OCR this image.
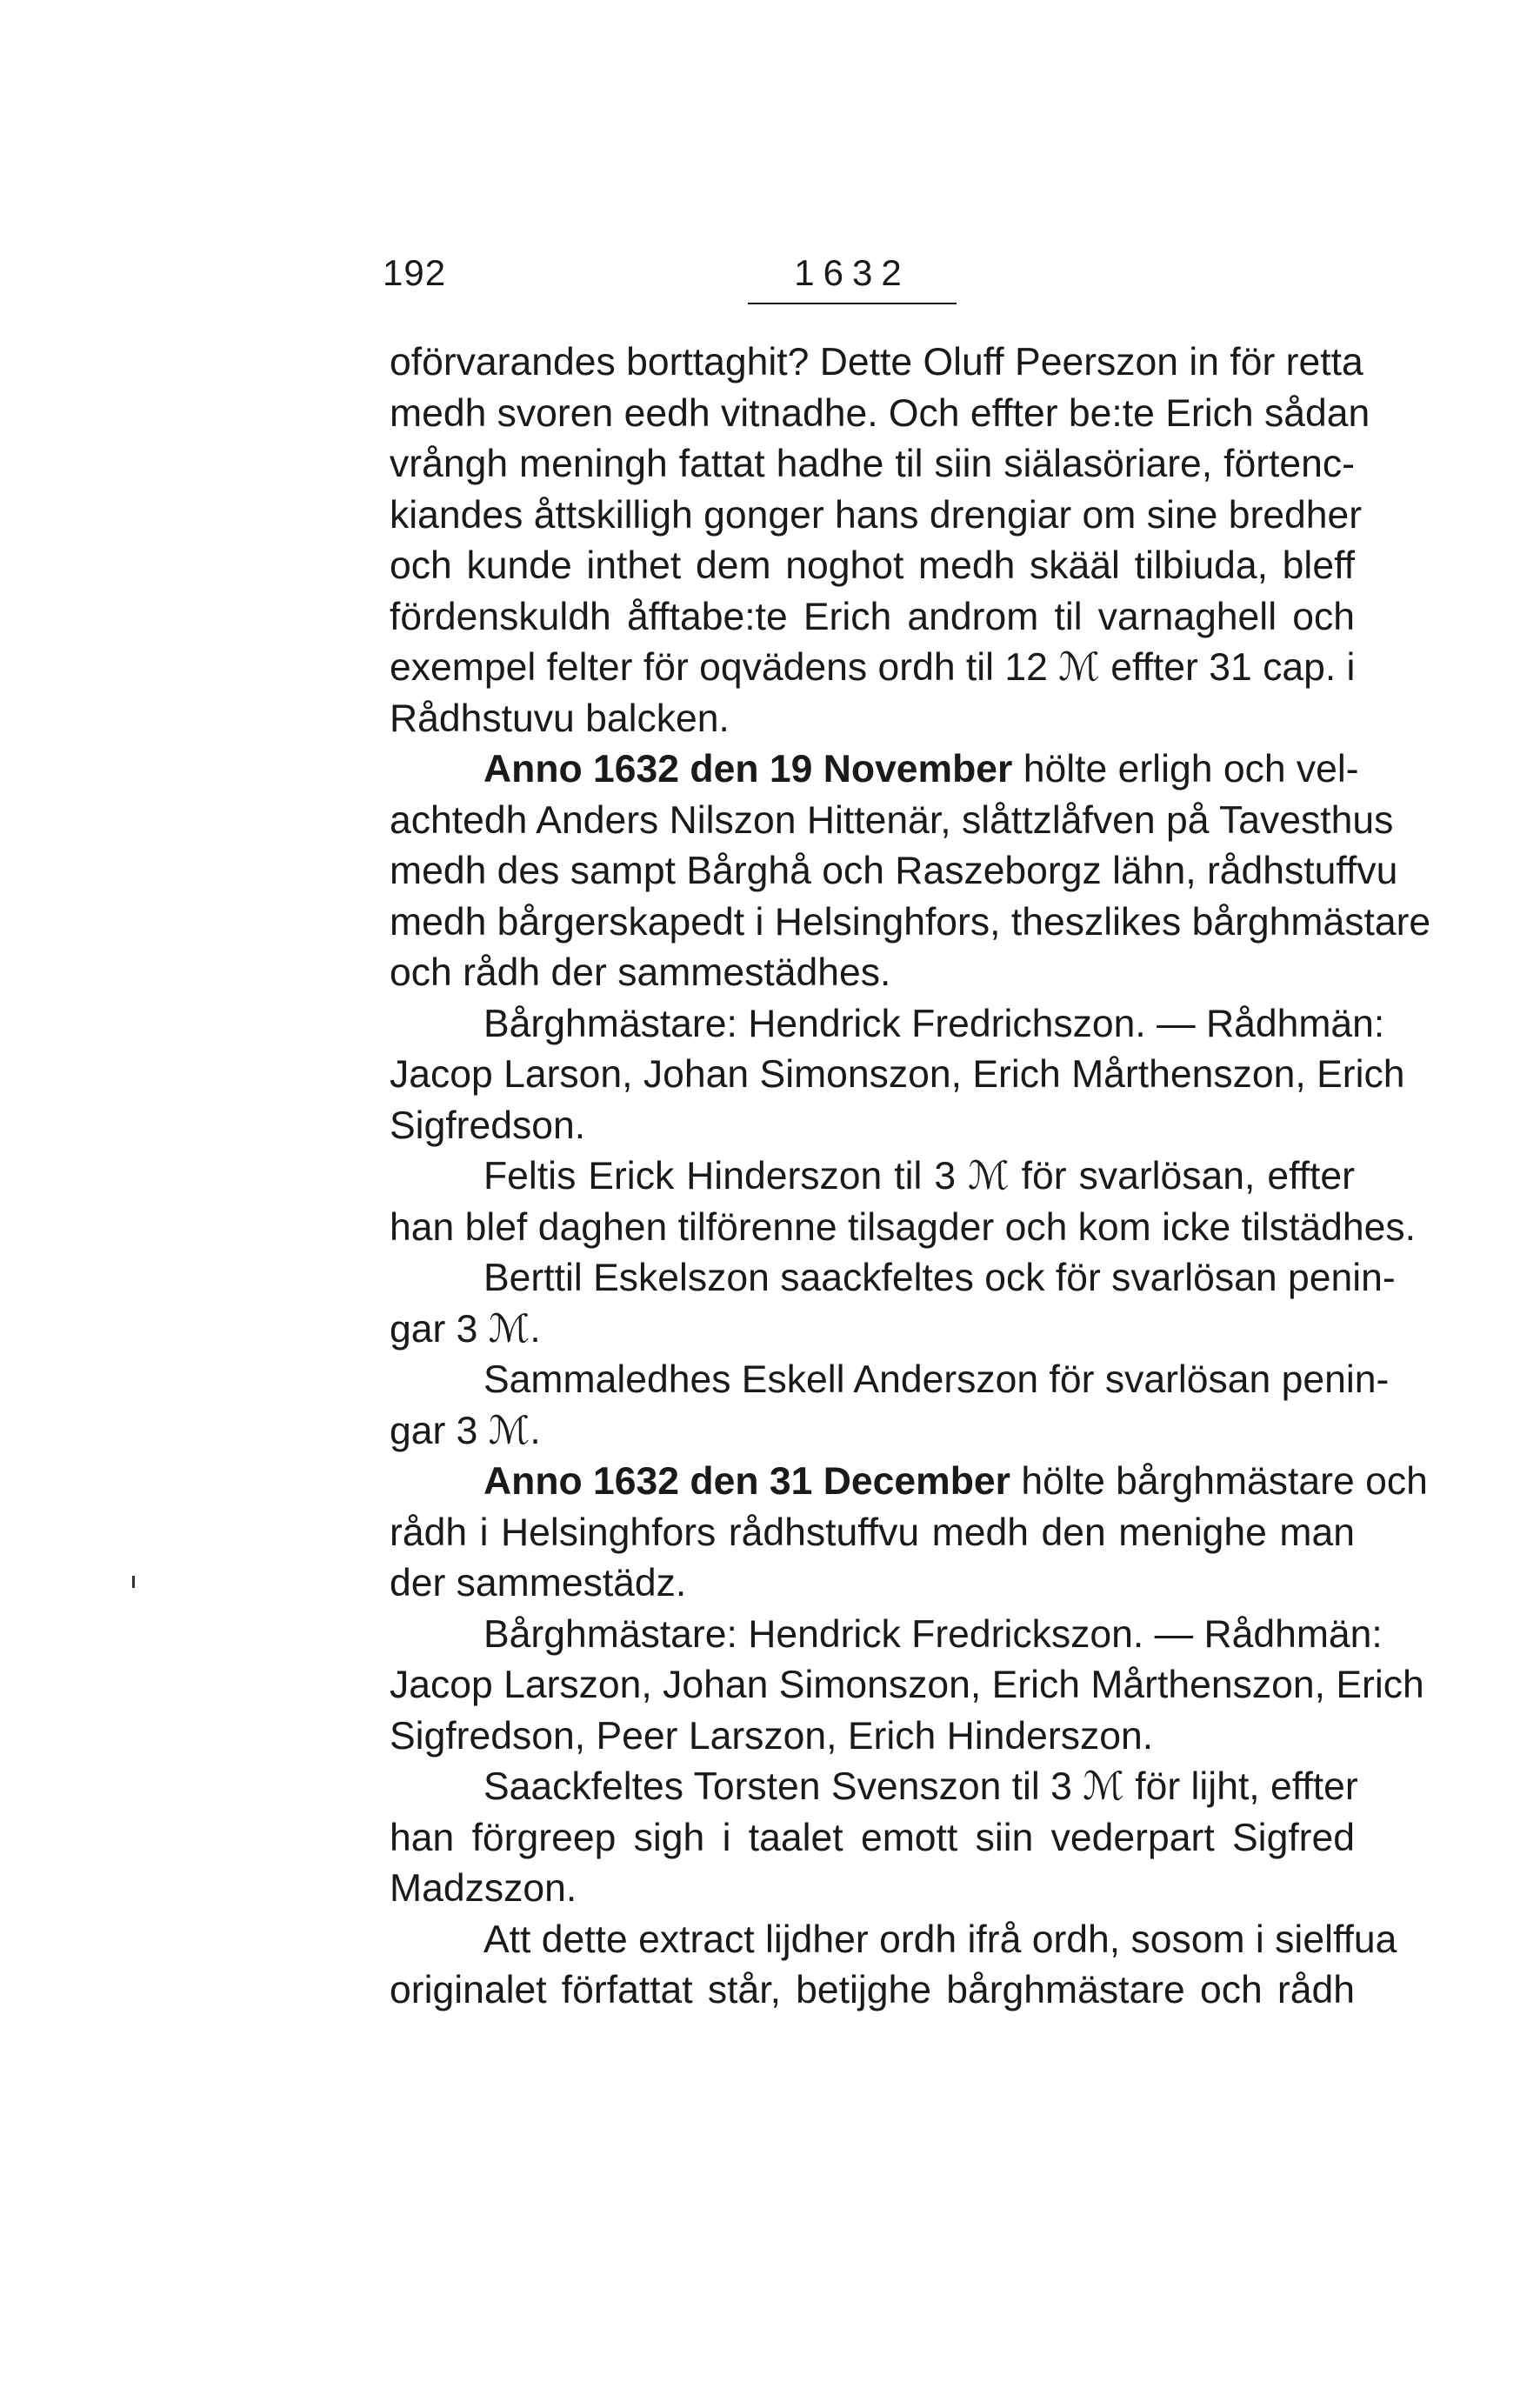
192	1632
oförvarandes borttaghit? Dette Oluff Peerszon in för retta
medh svoren eedh vitnadhe. Och effter be:te Erich sådan
vrångh meningh fattat hadhe til siin siälasöriare, förtenc-
kiandes åttskilligh gonger hans drengiar om sine bredher
och kunde inthet dem noghot medh skääl tilbiuda, bleff
fördenskuldh åfftabe:te Erich androm til varnaghell och
exempel felter för oqvädens ordh til 12 ℳ effter 31 cap. i
Rådhstuvu balcken.
Anno 1632 den 19 November hölte erligh och vel-
achtedh Anders Nilszon Hittenär, slåttzlåfven på Tavesthus
medh des sampt Bårghå och Raszeborgz lähn, rådhstuffvu
medh bårgerskapedt i Helsinghfors, theszlikes bårghmästare
och rådh der sammestädhes.
Bårghmästare: Hendrick Fredrichszon. — Rådhmän:
Jacop Larson, Johan Simonszon, Erich Mårthenszon, Erich
Sigfredson.
Feltis Erick Hinderszon til 3 ℳ för svarlösan, effter
han blef daghen tilförenne tilsagder och kom icke tilstädhes.
Berttil Eskelszon saackfeltes ock för svarlösan penin-
gar 3 ℳ.
Sammaledhes Eskell Anderszon för svarlösan penin-
gar 3 ℳ.
Anno 1632 den 31 December hölte bårghmästare och
rådh i Helsinghfors rådhstuffvu medh den menighe man
der sammestädz.
Bårghmästare: Hendrick Fredrickszon. — Rådhmän:
Jacop Larszon, Johan Simonszon, Erich Mårthenszon, Erich
Sigfredson, Peer Larszon, Erich Hinderszon.
Saackfeltes Torsten Svenszon til 3 ℳ för lijht, effter
han förgreep sigh i taalet emott siin vederpart Sigfred
Madzszon.
Att dette extract lijdher ordh ifrå ordh, sosom i sielffua
originalet författat står, betijghe bårghmästare och rådh
